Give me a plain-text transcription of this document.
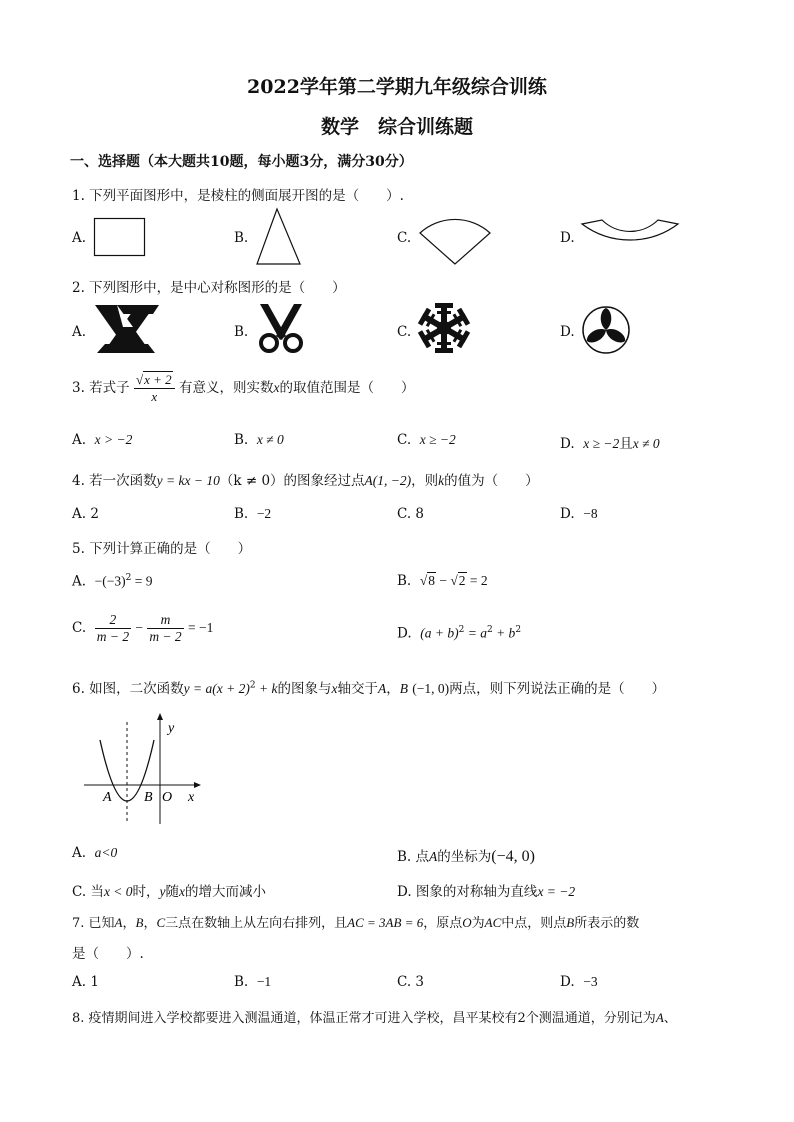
2022学年第二学期九年级综合训练
数学　综合训练题
一、选择题（本大题共10题，每小题3分，满分30分）
1. 下列平面图形中，是棱柱的侧面展开图的是（　　）.
A.	B.	C.	D.
2. 下列图形中，是中心对称图形的是（　　）
A.	B.	C.	D.
3. 若式子 $\frac{√x + 2}{x}$ 有意义，则实数x的取值范围是（　　）
A. x > −2	B. x ≠ 0	C. x ≥ −2	D. x ≥ −2且x ≠ 0
4. 若一次函数y = kx − 10（k ≠ 0）的图象经过点A(1, −2)，则k的值为（　　）
A. 2	B. −2	C. 8	D. −8
5. 下列计算正确的是（　　）
A. $-(-3)^2 = 9$	B. √8 − √2 = 2
C. $\frac{2}{m - 2} - \frac{m}{m - 2} = -1$	D. $(a + b)^2 = a^2 + b^2$
6. 如图，二次函数$y = a(x + 2)^2 + k$的图象与x轴交于A，B (−1, 0)两点，则下列说法正确的是（　　）
y
x
A B O
A. a<0	B. 点A的坐标为(−4, 0)
C. 当x < 0时，y随x的增大而减小	D. 图象的对称轴为直线x = −2
7. 已知A，B，C三点在数轴上从左向右排列，且AC = 3AB = 6，原点O为AC中点，则点B所表示的数
是（　　）.
A. 1	B. −1	C. 3	D. −3
8. 疫情期间进入学校都要进入测温通道，体温正常才可进入学校，昌平某校有2个测温通道，分别记为A、
